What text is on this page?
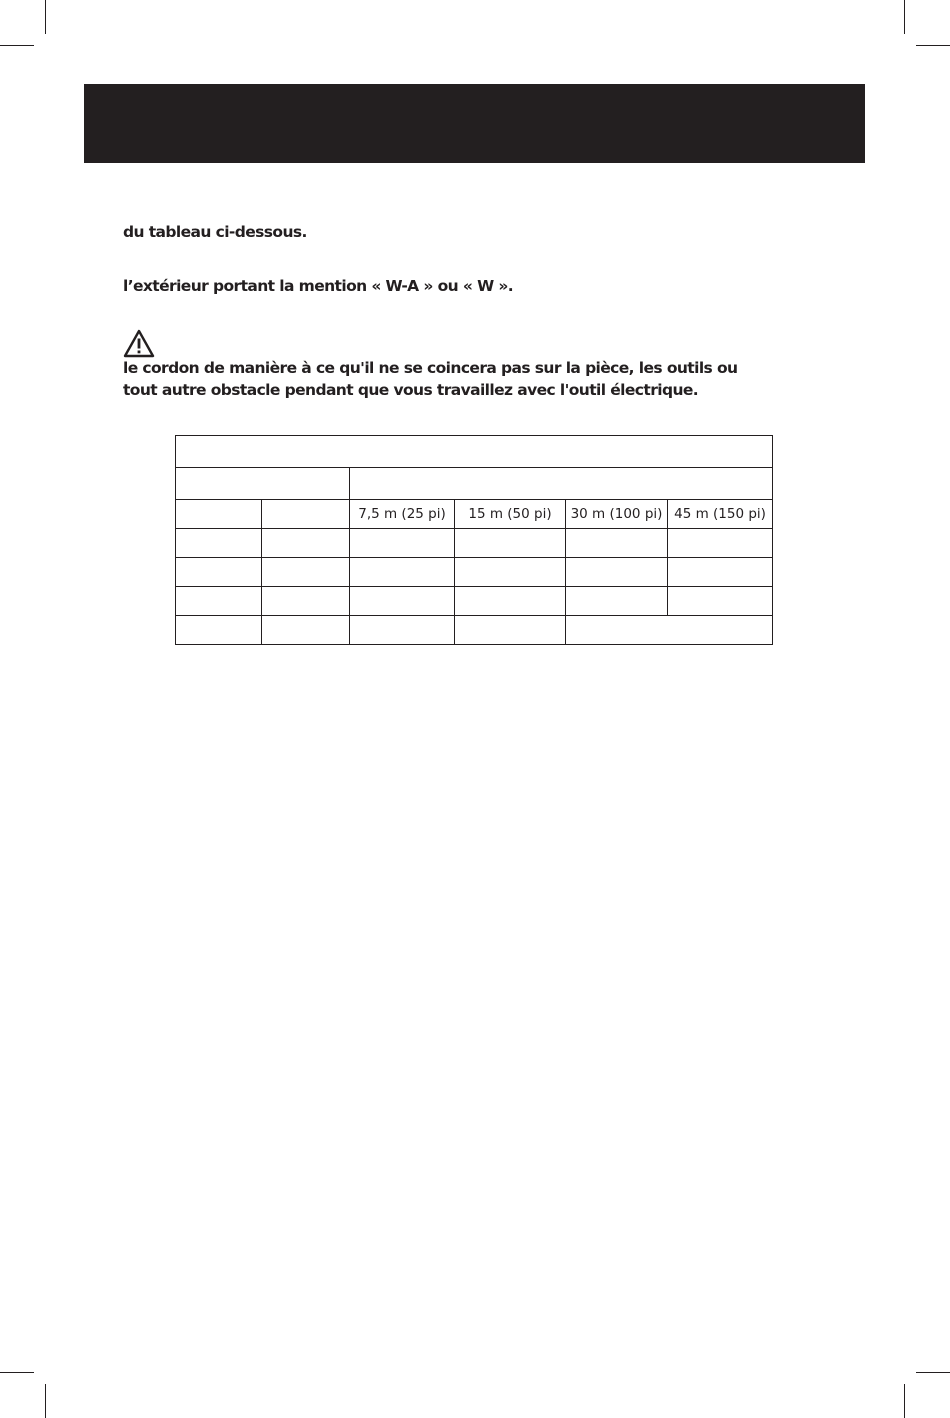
du tableau ci-dessous.

l’extérieur portant la mention « W-A » ou « W ».

le cordon de manière à ce qu'il ne se coincera pas sur la pièce, les outils ou
tout autre obstacle pendant que vous travaillez avec l'outil électrique.

		7,5 m (25 pi)	15 m (50 pi)	30 m (100 pi)	45 m (150 pi)
